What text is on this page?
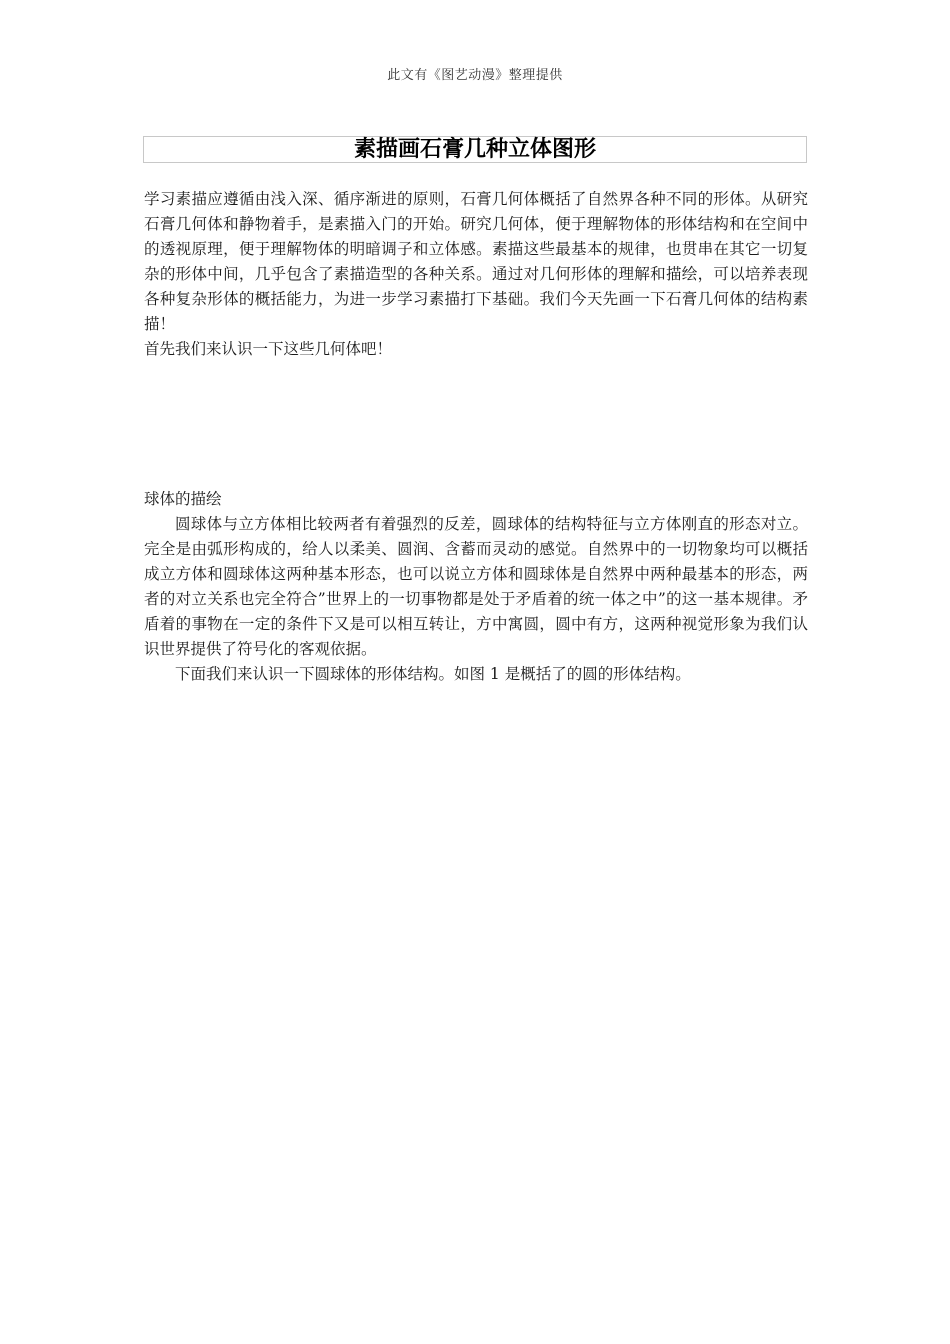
此文有《图艺动漫》整理提供
素描画石膏几种立体图形

学习素描应遵循由浅入深、循序渐进的原则，石膏几何体概括了自然界各种不同的形体。从研究石膏几何体和静物着手，是素描入门的开始。研究几何体，便于理解物体的形体结构和在空间中的透视原理，便于理解物体的明暗调子和立体感。素描这些最基本的规律，也贯串在其它一切复杂的形体中间，几乎包含了素描造型的各种关系。通过对几何形体的理解和描绘，可以培养表现各种复杂形体的概括能力，为进一步学习素描打下基础。我们今天先画一下石膏几何体的结构素描！

首先我们来认识一下这些几何体吧！

球体的描绘

圆球体与立方体相比较两者有着强烈的反差，圆球体的结构特征与立方体刚直的形态对立。完全是由弧形构成的，给人以柔美、圆润、含蓄而灵动的感觉。自然界中的一切物象均可以概括成立方体和圆球体这两种基本形态，也可以说立方体和圆球体是自然界中两种最基本的形态，两者的对立关系也完全符合”世界上的一切事物都是处于矛盾着的统一体之中”的这一基本规律。矛盾着的事物在一定的条件下又是可以相互转让，方中寓圆，圆中有方，这两种视觉形象为我们认识世界提供了符号化的客观依据。

下面我们来认识一下圆球体的形体结构。如图 1 是概括了的圆的形体结构。
